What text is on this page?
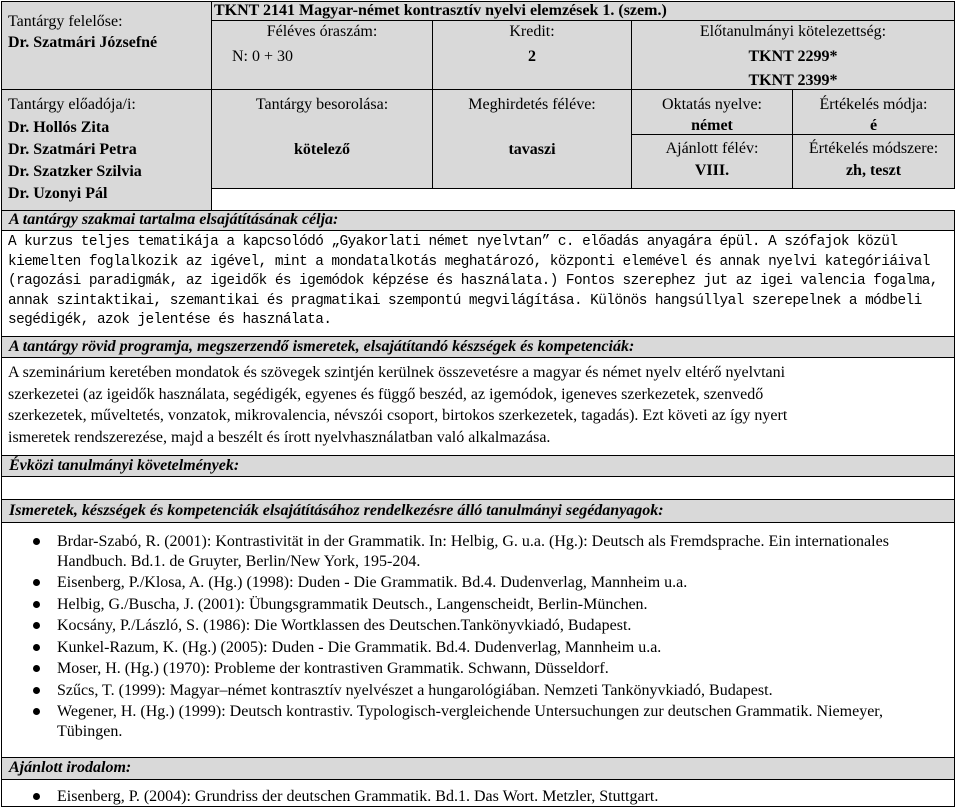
Tantárgy felelőse:
Dr. Szatmári Józsefné
TKNT 2141 Magyar-német kontrasztív nyelvi elemzések 1. (szem.)
Féléves óraszám:
N: 0 + 30
Kredit:
2
Előtanulmányi kötelezettség:
TKNT 2299*
TKNT 2399*
Tantárgy előadója/i:
Dr. Hollós Zita
Dr. Szatmári Petra
Dr. Szatzker Szilvia
Dr. Uzonyi Pál
Tantárgy besorolása:
kötelező
Meghirdetés féléve:
tavaszi
Oktatás nyelve:
német
Ajánlott félév:
VIII.
Értékelés módja:
é
Értékelés módszere:
zh, teszt
A tantárgy szakmai tartalma elsajátításának célja:
A kurzus teljes tematikája a kapcsolódó „Gyakorlati német nyelvtan” c. előadás anyagára épül. A szófajok közül
kiemelten foglalkozik az igével, mint a mondatalkotás meghatározó, központi elemével és annak nyelvi kategóriáival
(ragozási paradigmák, az igeidők és igemódok képzése és használata.) Fontos szerephez jut az igei valencia fogalma,
annak szintaktikai, szemantikai és pragmatikai szempontú megvilágítása. Különös hangsúllyal szerepelnek a módbeli
segédigék, azok jelentése és használata.
A tantárgy rövid programja, megszerzendő ismeretek, elsajátítandó készségek és kompetenciák:
A szeminárium keretében mondatok és szövegek szintjén kerülnek összevetésre a magyar és német nyelv eltérő nyelvtani
szerkezetei (az igeidők használata, segédigék, egyenes és függő beszéd, az igemódok, igeneves szerkezetek, szenvedő
szerkezetek, műveltetés, vonzatok, mikrovalencia, névszói csoport, birtokos szerkezetek, tagadás). Ezt követi az így nyert
ismeretek rendszerezése, majd a beszélt és írott nyelvhasználatban való alkalmazása.
Évközi tanulmányi követelmények:
Ismeretek, készségek és kompetenciák elsajátításához rendelkezésre álló tanulmányi segédanyagok:
Brdar-Szabó, R. (2001): Kontrastivität in der Grammatik. In: Helbig, G. u.a. (Hg.): Deutsch als Fremdsprache. Ein internationales Handbuch. Bd.1. de Gruyter, Berlin/New York, 195-204.
Eisenberg, P./Klosa, A. (Hg.) (1998): Duden - Die Grammatik. Bd.4. Dudenverlag, Mannheim u.a.
Helbig, G./Buscha, J. (2001): Übungsgrammatik Deutsch., Langenscheidt, Berlin-München.
Kocsány, P./László, S. (1986): Die Wortklassen des Deutschen.Tankönyvkiadó, Budapest.
Kunkel-Razum, K. (Hg.) (2005): Duden - Die Grammatik. Bd.4. Dudenverlag, Mannheim u.a.
Moser, H. (Hg.) (1970): Probleme der kontrastiven Grammatik. Schwann, Düsseldorf.
Szűcs, T. (1999): Magyar–német kontrasztív nyelvészet a hungarológiában. Nemzeti Tankönyvkiadó, Budapest.
Wegener, H. (Hg.) (1999): Deutsch kontrastiv. Typologisch-vergleichende Untersuchungen zur deutschen Grammatik. Niemeyer, Tübingen.
Ajánlott irodalom:
Eisenberg, P. (2004): Grundriss der deutschen Grammatik. Bd.1. Das Wort. Metzler, Stuttgart.
